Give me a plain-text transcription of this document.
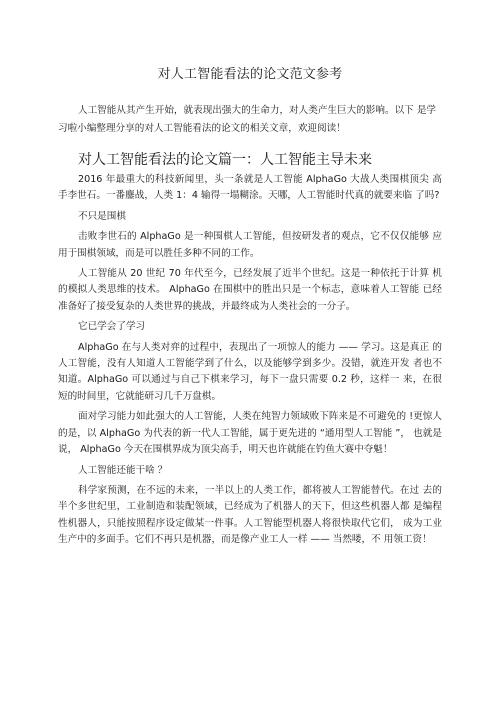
对人工智能看法的论文范文参考

人工智能从其产生开始，就表现出强大的生命力，对人类产生巨大的影响。以下 是学习啦小编整理分享的对人工智能看法的论文的相关文章，欢迎阅读！

对人工智能看法的论文篇一：人工智能主导未来

2016 年最重大的科技新闻里，头一条就是人工智能 AlphaGo 大战人类围棋顶尖 高手李世石。一番鏖战，人类 1：4 输得一塌糊涂。天哪，人工智能时代真的就要来临 了吗?

不只是围棋

击败李世石的 AlphaGo 是一种围棋人工智能，但按研发者的观点，它不仅仅能够 应用于围棋领域，而是可以胜任多种不同的工作。

人工智能从 20 世纪 70 年代至今，已经发展了近半个世纪。这是一种依托于计算 机的模拟人类思维的技术。 AlphaGo 在围棋中的胜出只是一个标志，意味着人工智能 已经准备好了接受复杂的人类世界的挑战，并最终成为人类社会的一分子。

它已学会了学习

AlphaGo 在与人类对弈的过程中，表现出了一项惊人的能力 —— 学习。这是真正 的人工智能，没有人知道人工智能学到了什么，以及能够学到多少。没错，就连开发 者也不知道。AlphaGo 可以通过与自己下棋来学习，每下一盘只需要 0.2 秒，这样一 来，在很短的时间里，它就能研习几千万盘棋。

面对学习能力如此强大的人工智能，人类在纯智力领域败下阵来是不可避免的 !更惊人的是，以 AlphaGo 为代表的新一代人工智能，属于更先进的 “通用型人工智能 ”， 也就是说， AlphaGo 今天在围棋界成为顶尖高手，明天也许就能在钓鱼大赛中夺魁！

人工智能还能干啥 ？

科学家预测，在不远的未来，一半以上的人类工作，都将被人工智能替代。在过 去的半个多世纪里，工业制造和装配领域，已经成为了机器人的天下，但这些机器人都 是编程性机器人，只能按照程序设定做某一件事。人工智能型机器人将很快取代它们， 成为工业生产中的多面手。它们不再只是机器，而是像产业工人一样 —— 当然喽，不 用领工资！
